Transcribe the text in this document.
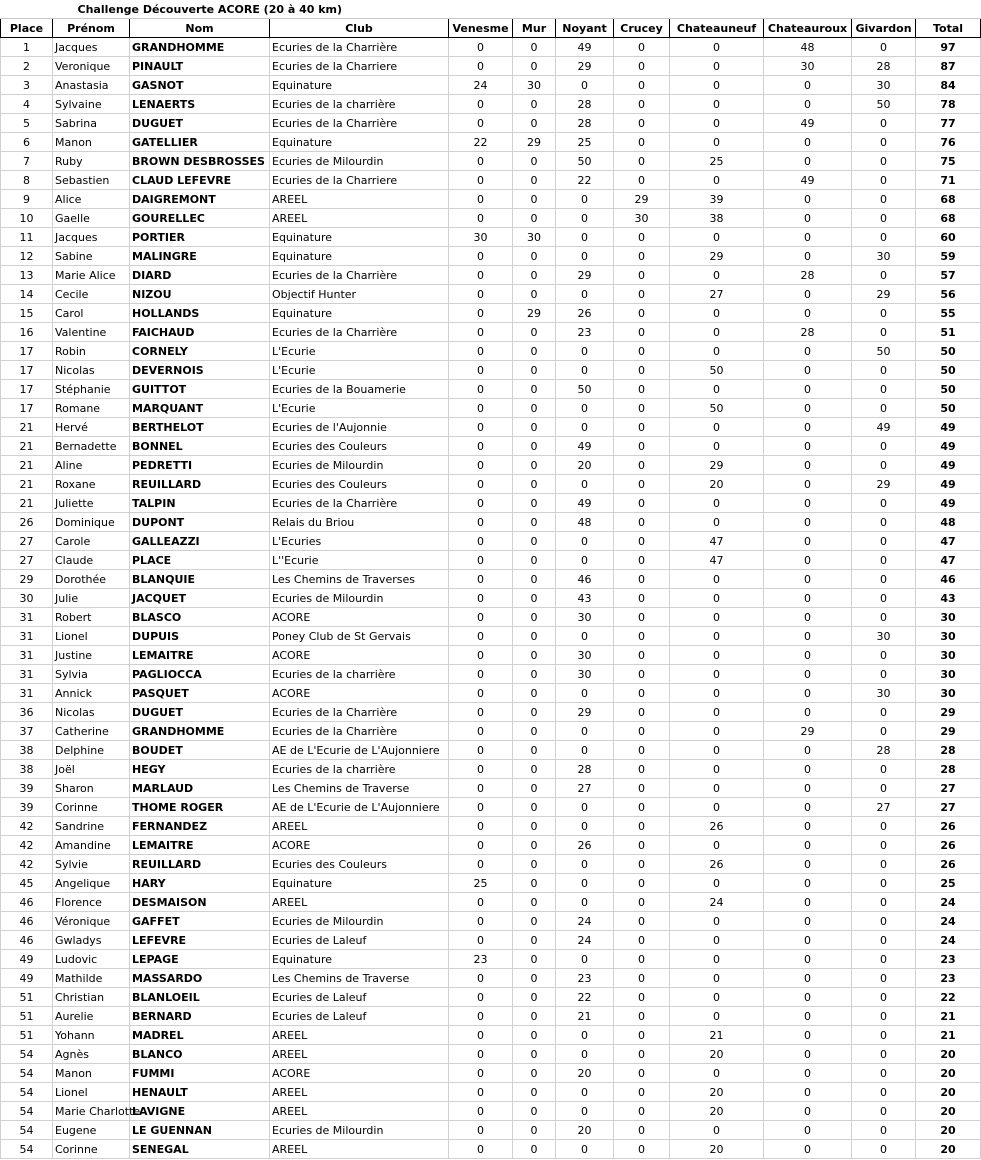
	Challenge Découverte ACORE (20 à 40 km)										
Place	Prénom	Nom	Club	Venesme	Mur	Noyant	Crucey	Chateauneuf	Chateauroux	Givardon	Total
1	Jacques	GRANDHOMME	Ecuries de la Charrière	0	0	49	0	0	48	0	97
2	Veronique	PINAULT	Ecuries de la Charriere	0	0	29	0	0	30	28	87
3	Anastasia	GASNOT	Equinature	24	30	0	0	0	0	30	84
4	Sylvaine	LENAERTS	Ecuries de la charrière	0	0	28	0	0	0	50	78
5	Sabrina	DUGUET	Ecuries de la Charrière	0	0	28	0	0	49	0	77
6	Manon	GATELLIER	Equinature	22	29	25	0	0	0	0	76
7	Ruby	BROWN DESBROSSES	Ecuries de Milourdin	0	0	50	0	25	0	0	75
8	Sebastien	CLAUD LEFEVRE	Ecuries de la Charriere	0	0	22	0	0	49	0	71
9	Alice	DAIGREMONT	AREEL	0	0	0	29	39	0	0	68
10	Gaelle	GOURELLEC	AREEL	0	0	0	30	38	0	0	68
11	Jacques	PORTIER	Equinature	30	30	0	0	0	0	0	60
12	Sabine	MALINGRE	Equinature	0	0	0	0	29	0	30	59
13	Marie Alice	DIARD	Ecuries de la Charrière	0	0	29	0	0	28	0	57
14	Cecile	NIZOU	Objectif Hunter	0	0	0	0	27	0	29	56
15	Carol	HOLLANDS	Equinature	0	29	26	0	0	0	0	55
16	Valentine	FAICHAUD	Ecuries de la Charrière	0	0	23	0	0	28	0	51
17	Robin	CORNELY	L'Ecurie	0	0	0	0	0	0	50	50
17	Nicolas	DEVERNOIS	L'Ecurie	0	0	0	0	50	0	0	50
17	Stéphanie	GUITTOT	Ecuries de la Bouamerie	0	0	50	0	0	0	0	50
17	Romane	MARQUANT	L'Ecurie	0	0	0	0	50	0	0	50
21	Hervé	BERTHELOT	Ecuries de l'Aujonnie	0	0	0	0	0	0	49	49
21	Bernadette	BONNEL	Ecuries des Couleurs	0	0	49	0	0	0	0	49
21	Aline	PEDRETTI	Ecuries de Milourdin	0	0	20	0	29	0	0	49
21	Roxane	REUILLARD	Ecuries des Couleurs	0	0	0	0	20	0	29	49
21	Juliette	TALPIN	Ecuries de la Charrière	0	0	49	0	0	0	0	49
26	Dominique	DUPONT	Relais du Briou	0	0	48	0	0	0	0	48
27	Carole	GALLEAZZI	L'Ecuries	0	0	0	0	47	0	0	47
27	Claude	PLACE	L''Ecurie	0	0	0	0	47	0	0	47
29	Dorothée	BLANQUIE	Les Chemins de Traverses	0	0	46	0	0	0	0	46
30	Julie	JACQUET	Ecuries de Milourdin	0	0	43	0	0	0	0	43
31	Robert	BLASCO	ACORE	0	0	30	0	0	0	0	30
31	Lionel	DUPUIS	Poney Club de St Gervais	0	0	0	0	0	0	30	30
31	Justine	LEMAITRE	ACORE	0	0	30	0	0	0	0	30
31	Sylvia	PAGLIOCCA	Ecuries de la charrière	0	0	30	0	0	0	0	30
31	Annick	PASQUET	ACORE	0	0	0	0	0	0	30	30
36	Nicolas	DUGUET	Ecuries de la Charrière	0	0	29	0	0	0	0	29
37	Catherine	GRANDHOMME	Ecuries de la Charrière	0	0	0	0	0	29	0	29
38	Delphine	BOUDET	AE de L'Ecurie de L'Aujonniere	0	0	0	0	0	0	28	28
38	Joël	HEGY	Ecuries de la charrière	0	0	28	0	0	0	0	28
39	Sharon	MARLAUD	Les Chemins de Traverse	0	0	27	0	0	0	0	27
39	Corinne	THOME ROGER	AE de L'Ecurie de L'Aujonniere	0	0	0	0	0	0	27	27
42	Sandrine	FERNANDEZ	AREEL	0	0	0	0	26	0	0	26
42	Amandine	LEMAITRE	ACORE	0	0	26	0	0	0	0	26
42	Sylvie	REUILLARD	Ecuries des Couleurs	0	0	0	0	26	0	0	26
45	Angelique	HARY	Equinature	25	0	0	0	0	0	0	25
46	Florence	DESMAISON	AREEL	0	0	0	0	24	0	0	24
46	Véronique	GAFFET	Ecuries de Milourdin	0	0	24	0	0	0	0	24
46	Gwladys	LEFEVRE	Ecuries de Laleuf	0	0	24	0	0	0	0	24
49	Ludovic	LEPAGE	Equinature	23	0	0	0	0	0	0	23
49	Mathilde	MASSARDO	Les Chemins de Traverse	0	0	23	0	0	0	0	23
51	Christian	BLANLOEIL	Ecuries de Laleuf	0	0	22	0	0	0	0	22
51	Aurelie	BERNARD	Ecuries de Laleuf	0	0	21	0	0	0	0	21
51	Yohann	MADREL	AREEL	0	0	0	0	21	0	0	21
54	Agnès	BLANCO	AREEL	0	0	0	0	20	0	0	20
54	Manon	FUMMI	ACORE	0	0	20	0	0	0	0	20
54	Lionel	HENAULT	AREEL	0	0	0	0	20	0	0	20
54	Marie Charlotte	LAVIGNE	AREEL	0	0	0	0	20	0	0	20
54	Eugene	LE GUENNAN	Ecuries de Milourdin	0	0	20	0	0	0	0	20
54	Corinne	SENEGAL	AREEL	0	0	0	0	20	0	0	20
